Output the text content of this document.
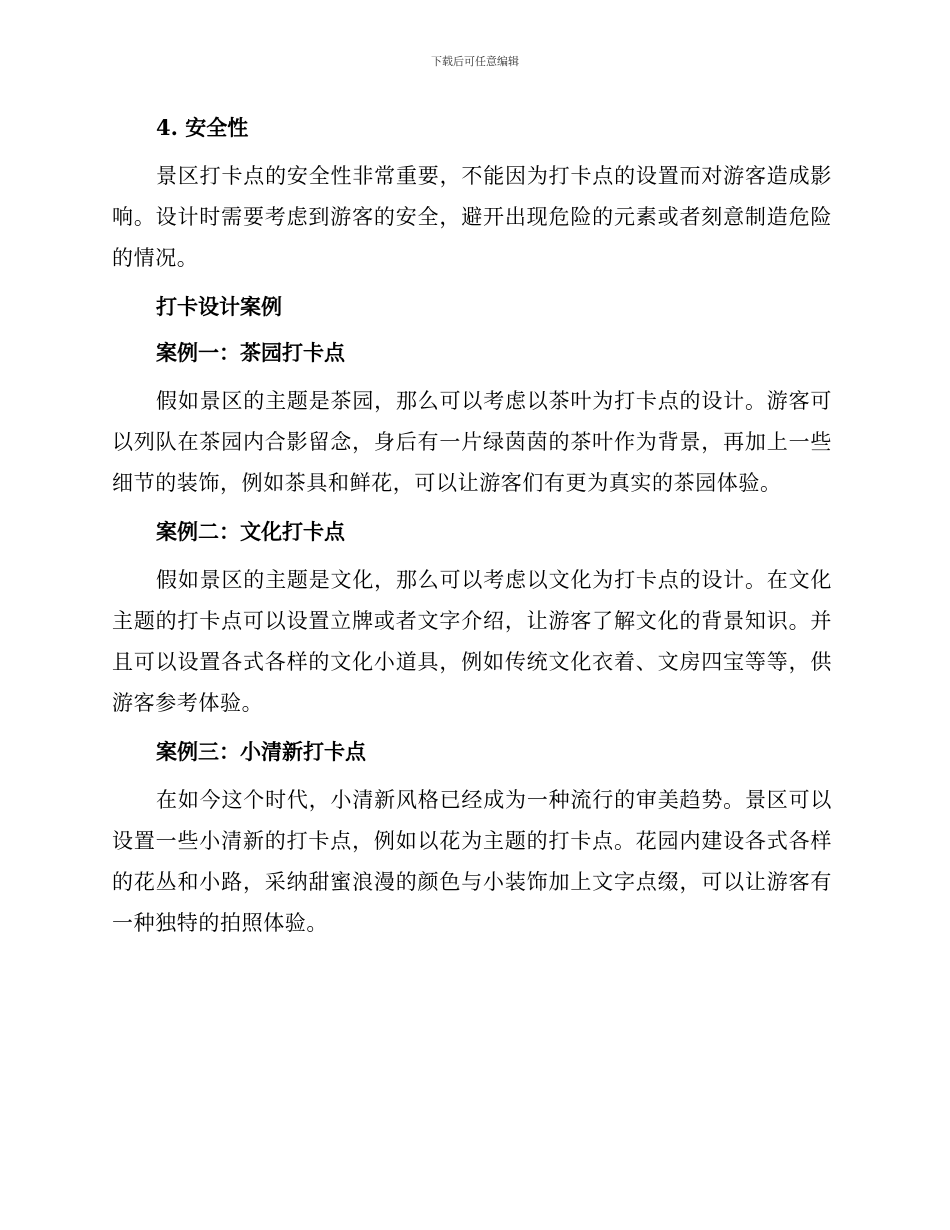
下载后可任意编辑
4. 安全性

景区打卡点的安全性非常重要，不能因为打卡点的设置而对游客造成影响。设计时需要考虑到游客的安全，避开出现危险的元素或者刻意制造危险的情况。

打卡设计案例
案例一：茶园打卡点

假如景区的主题是茶园，那么可以考虑以茶叶为打卡点的设计。游客可以列队在茶园内合影留念，身后有一片绿茵茵的茶叶作为背景，再加上一些细节的装饰，例如茶具和鲜花，可以让游客们有更为真实的茶园体验。

案例二：文化打卡点

假如景区的主题是文化，那么可以考虑以文化为打卡点的设计。在文化主题的打卡点可以设置立牌或者文字介绍，让游客了解文化的背景知识。并且可以设置各式各样的文化小道具，例如传统文化衣着、文房四宝等等，供游客参考体验。

案例三：小清新打卡点

在如今这个时代，小清新风格已经成为一种流行的审美趋势。景区可以设置一些小清新的打卡点，例如以花为主题的打卡点。花园内建设各式各样的花丛和小路，采纳甜蜜浪漫的颜色与小装饰加上文字点缀，可以让游客有一种独特的拍照体验。
